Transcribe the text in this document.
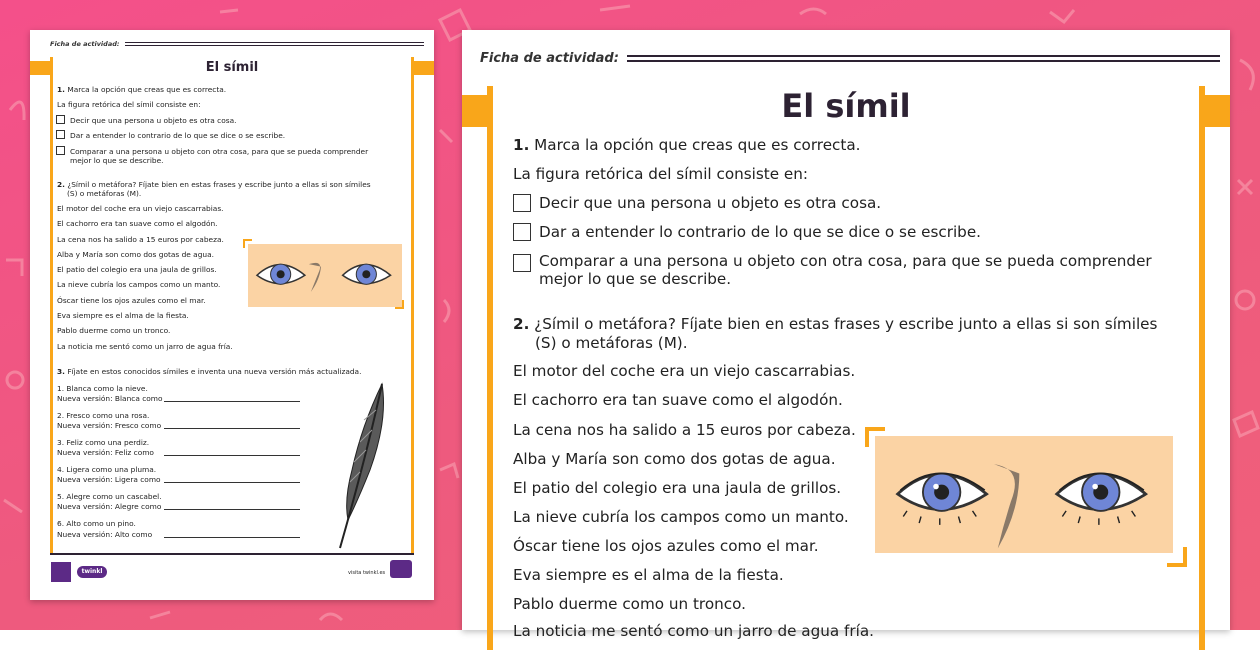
Ficha de actividad:
El símil
1. Marca la opción que creas que es correcta.
La figura retórica del símil consiste en:
Decir que una persona u objeto es otra cosa.
Dar a entender lo contrario de lo que se dice o se escribe.
Comparar a una persona u objeto con otra cosa, para que se pueda comprender
mejor lo que se describe.
2. ¿Símil o metáfora? Fíjate bien en estas frases y escribe junto a ellas si son símiles
(S) o metáforas (M).
El motor del coche era un viejo cascarrabias.
El cachorro era tan suave como el algodón.
La cena nos ha salido a 15 euros por cabeza.
Alba y María son como dos gotas de agua.
El patio del colegio era una jaula de grillos.
La nieve cubría los campos como un manto.
Óscar tiene los ojos azules como el mar.
Eva siempre es el alma de la fiesta.
Pablo duerme como un tronco.
La noticia me sentó como un jarro de agua fría.
3. Fíjate en estos conocidos símiles e inventa una nueva versión más actualizada.
1. Blanca como la nieve.
Nueva versión: Blanca como
2. Fresco como una rosa.
Nueva versión: Fresco como
3. Feliz como una perdiz.
Nueva versión: Feliz como
4. Ligera como una pluma.
Nueva versión: Ligera como
5. Alegre como un cascabel.
Nueva versión: Alegre como
6. Alto como un pino.
Nueva versión: Alto como
twinkl	visita twinkl.es
Ficha de actividad:
El símil
1. Marca la opción que creas que es correcta.
La figura retórica del símil consiste en:
Decir que una persona u objeto es otra cosa.
Dar a entender lo contrario de lo que se dice o se escribe.
Comparar a una persona u objeto con otra cosa, para que se pueda comprender
mejor lo que se describe.
2. ¿Símil o metáfora? Fíjate bien en estas frases y escribe junto a ellas si son símiles
(S) o metáforas (M).
El motor del coche era un viejo cascarrabias.
El cachorro era tan suave como el algodón.
La cena nos ha salido a 15 euros por cabeza.
Alba y María son como dos gotas de agua.
El patio del colegio era una jaula de grillos.
La nieve cubría los campos como un manto.
Óscar tiene los ojos azules como el mar.
Eva siempre es el alma de la fiesta.
Pablo duerme como un tronco.
La noticia me sentó como un jarro de agua fría.
